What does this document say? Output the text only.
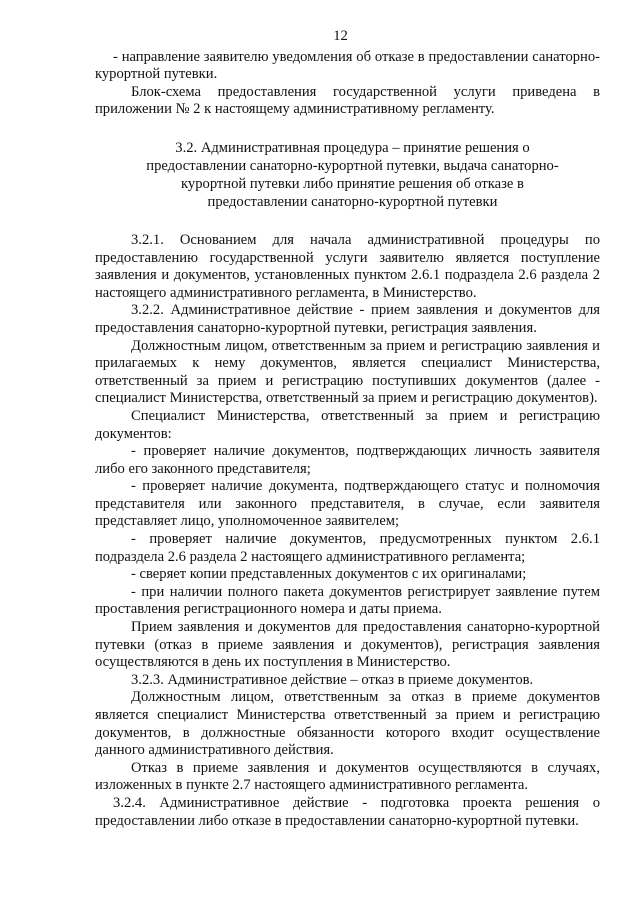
12

- направление заявителю уведомления об отказе в предоставлении санаторно-курортной путевки.

Блок-схема предоставления государственной услуги приведена в приложении № 2 к настоящему административному регламенту.

3.2. Административная процедура – принятие решения о предоставлении санаторно-курортной путевки, выдача санаторно-курортной путевки либо принятие решения об отказе в предоставлении санаторно-курортной путевки

3.2.1. Основанием для начала административной процедуры по предоставлению государственной услуги заявителю является поступление заявления и документов, установленных пунктом 2.6.1 подраздела 2.6 раздела 2 настоящего административного регламента, в Министерство.

3.2.2. Административное действие - прием заявления и документов для предоставления санаторно-курортной путевки, регистрация заявления.

Должностным лицом, ответственным за прием и регистрацию заявления и прилагаемых к нему документов, является специалист Министерства, ответственный за прием и регистрацию поступивших документов (далее - специалист Министерства, ответственный за прием и регистрацию документов).

Специалист Министерства, ответственный за прием и регистрацию документов:

- проверяет наличие документов, подтверждающих личность заявителя либо его законного представителя;

- проверяет наличие документа, подтверждающего статус и полномочия представителя или законного представителя, в случае, если заявителя представляет лицо, уполномоченное заявителем;

- проверяет наличие документов, предусмотренных пунктом 2.6.1 подраздела 2.6 раздела 2 настоящего административного регламента;

- сверяет копии представленных документов с их оригиналами;

- при наличии полного пакета документов регистрирует заявление путем проставления регистрационного номера и даты приема.

Прием заявления и документов для предоставления санаторно-курортной путевки (отказ в приеме заявления и документов), регистрация заявления осуществляются в день их поступления в Министерство.

3.2.3. Административное действие – отказ в приеме документов.

Должностным лицом, ответственным за отказ в приеме документов является специалист Министерства ответственный за прием и регистрацию документов, в должностные обязанности которого входит осуществление данного административного действия.

Отказ в приеме заявления и документов осуществляются в случаях, изложенных в пункте 2.7 настоящего административного регламента.

3.2.4. Административное действие - подготовка проекта решения о предоставлении либо отказе в предоставлении санаторно-курортной путевки.
